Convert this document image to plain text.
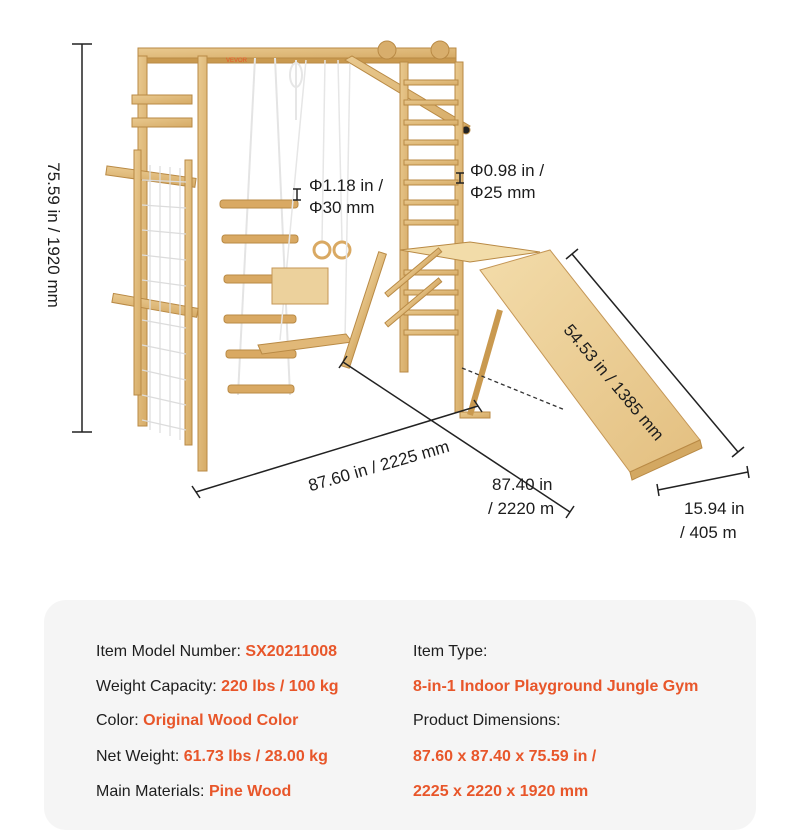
VEVOR
75.59 in / 1920 mm	Φ1.18 in /
Φ30 mm
Φ0.98 in /
Φ25 mm
54.53 in / 1385 mm
87.60 in / 2225 mm 87.40 in
/ 2220 m	15.94 in
/ 405 m
Item Model Number: SX20211008
Weight Capacity: 220 lbs / 100 kg
Color: Original Wood Color
Net Weight: 61.73 lbs / 28.00 kg
Main Materials: Pine Wood
Item Type:
8-in-1 Indoor Playground Jungle Gym
Product Dimensions:
87.60 x 87.40 x 75.59 in /
2225 x 2220 x 1920 mm
